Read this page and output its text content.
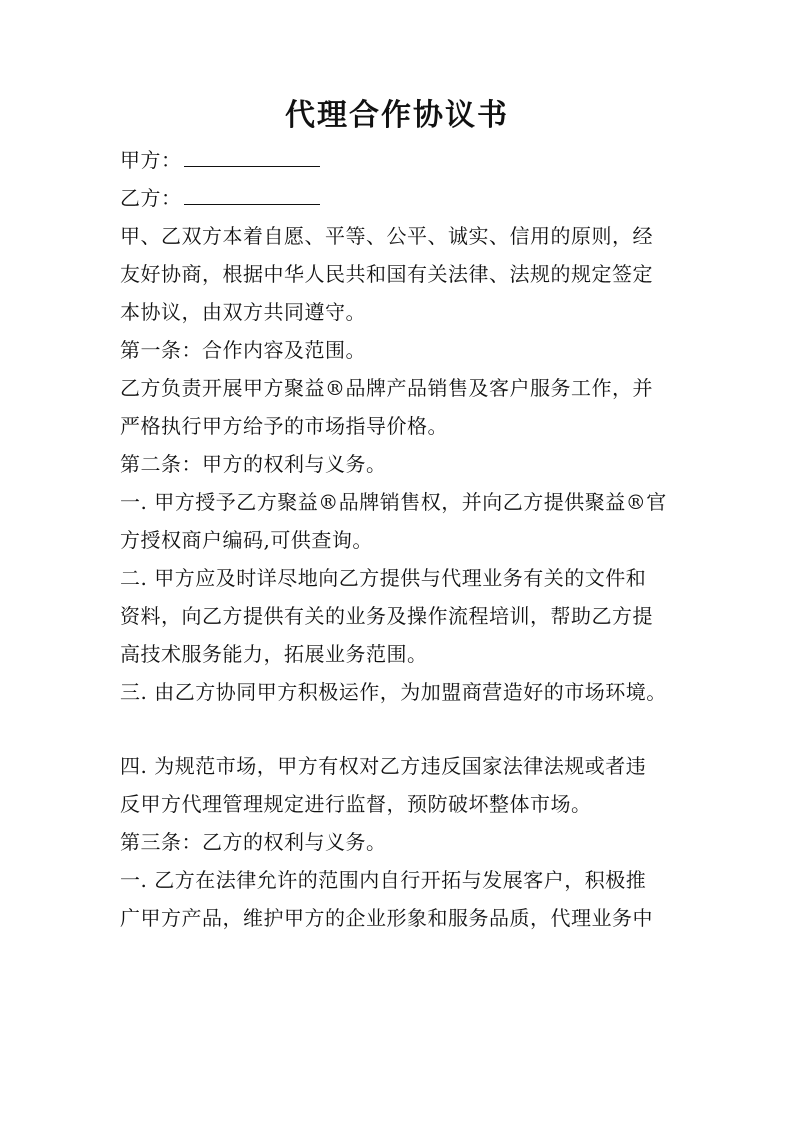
代理合作协议书

甲方：

乙方：

甲、乙双方本着自愿、平等、公平、诚实、信用的原则，经

友好协商，根据中华人民共和国有关法律、法规的规定签定

本协议，由双方共同遵守。

第一条：合作内容及范围。

乙方负责开展甲方聚益®品牌产品销售及客户服务工作，并

严格执行甲方给予的市场指导价格。

第二条：甲方的权利与义务。

一. 甲方授予乙方聚益®品牌销售权，并向乙方提供聚益®官

方授权商户编码,可供查询。

二. 甲方应及时详尽地向乙方提供与代理业务有关的文件和

资料，向乙方提供有关的业务及操作流程培训，帮助乙方提

高技术服务能力，拓展业务范围。

三. 由乙方协同甲方积极运作，为加盟商营造好的市场环境。

四. 为规范市场，甲方有权对乙方违反国家法律法规或者违

反甲方代理管理规定进行监督，预防破坏整体市场。

第三条：乙方的权利与义务。

一. 乙方在法律允许的范围内自行开拓与发展客户，积极推

广甲方产品，维护甲方的企业形象和服务品质，代理业务中
